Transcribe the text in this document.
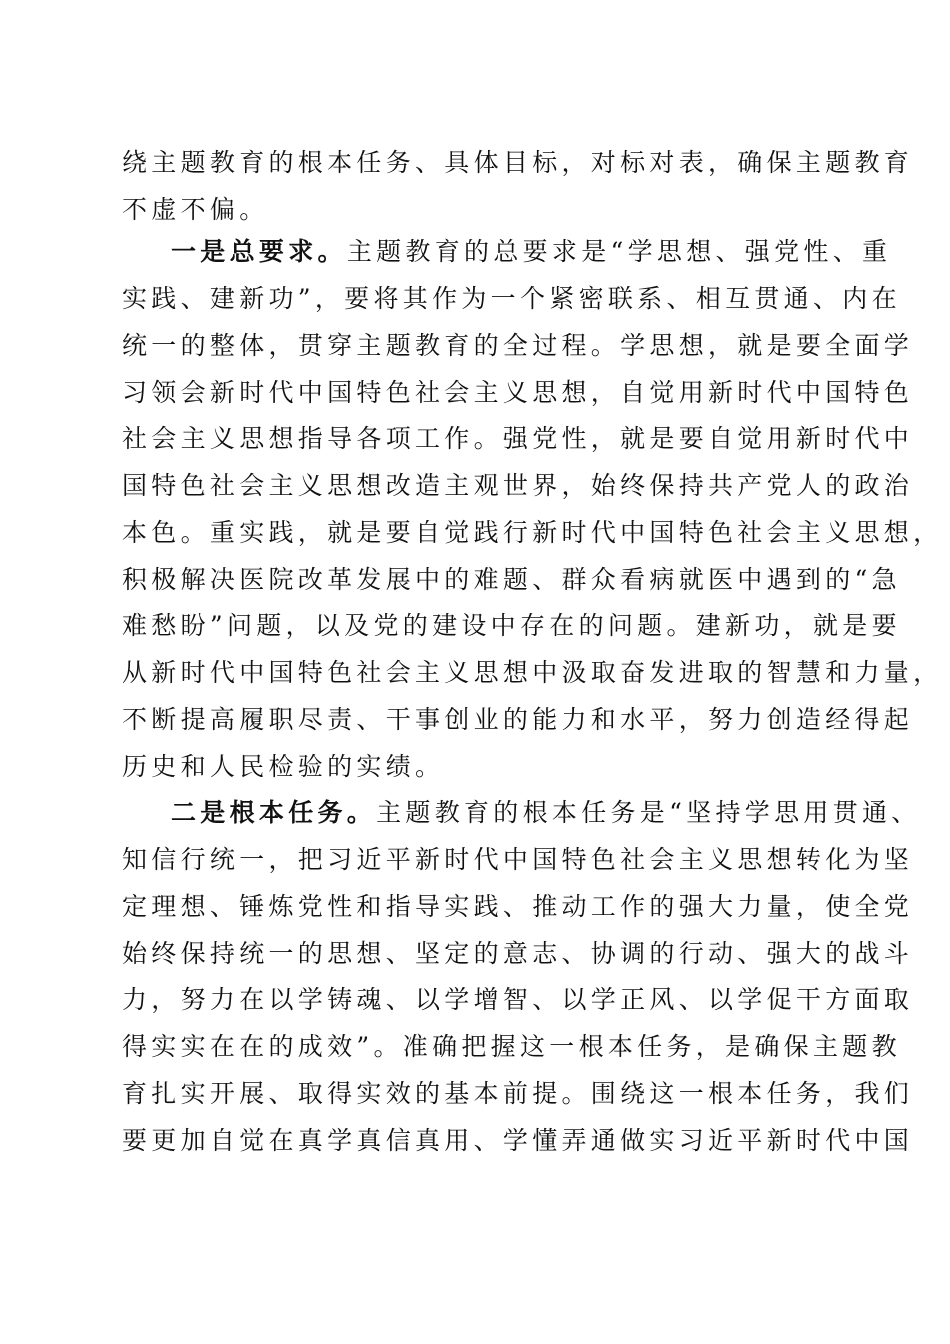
绕主题教育的根本任务、具体目标，对标对表，确保主题教育

不虚不偏。

一是总要求。主题教育的总要求是“学思想、强党性、重

实践、建新功”，要将其作为一个紧密联系、相互贯通、内在

统一的整体，贯穿主题教育的全过程。学思想，就是要全面学

习领会新时代中国特色社会主义思想，自觉用新时代中国特色

社会主义思想指导各项工作。强党性，就是要自觉用新时代中

国特色社会主义思想改造主观世界，始终保持共产党人的政治

本色。重实践，就是要自觉践行新时代中国特色社会主义思想，

积极解决医院改革发展中的难题、群众看病就医中遇到的“急

难愁盼”问题，以及党的建设中存在的问题。建新功，就是要

从新时代中国特色社会主义思想中汲取奋发进取的智慧和力量，

不断提高履职尽责、干事创业的能力和水平，努力创造经得起

历史和人民检验的实绩。

二是根本任务。主题教育的根本任务是“坚持学思用贯通、

知信行统一，把习近平新时代中国特色社会主义思想转化为坚

定理想、锤炼党性和指导实践、推动工作的强大力量，使全党

始终保持统一的思想、坚定的意志、协调的行动、强大的战斗

力，努力在以学铸魂、以学增智、以学正风、以学促干方面取

得实实在在的成效”。准确把握这一根本任务，是确保主题教

育扎实开展、取得实效的基本前提。围绕这一根本任务，我们

要更加自觉在真学真信真用、学懂弄通做实习近平新时代中国
